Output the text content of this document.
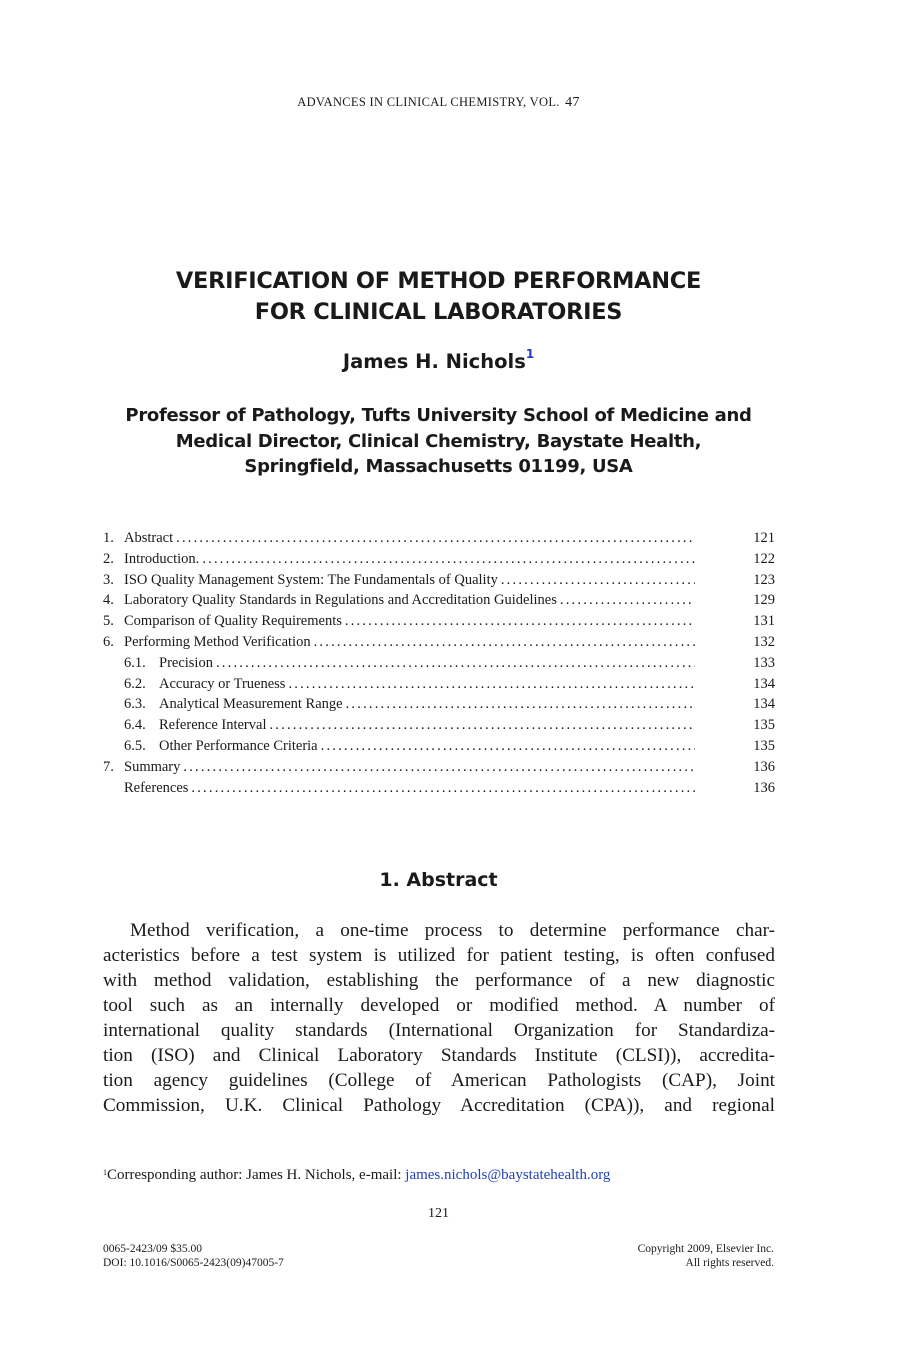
ADVANCES IN CLINICAL CHEMISTRY, VOL. 47
VERIFICATION OF METHOD PERFORMANCE
FOR CLINICAL LABORATORIES
James H. Nichols$^1$
Professor of Pathology, Tufts University School of Medicine and
Medical Director, Clinical Chemistry, Baystate Health,
Springfield, Massachusetts 01199, USA
1. Abstract .....	121
2. Introduction. .....	122
3. ISO Quality Management System: The Fundamentals of Quality .....	123
4. Laboratory Quality Standards in Regulations and Accreditation Guidelines .....	129
5. Comparison of Quality Requirements .....	131
6. Performing Method Verification .....	132
6.1. Precision .....	133
6.2. Accuracy or Trueness .....	134
6.3. Analytical Measurement Range .....	134
6.4. Reference Interval .....	135
6.5. Other Performance Criteria .....	135
7. Summary .....	136
References .....	136
1. Abstract
Method verification, a one-time process to determine performance char-
acteristics before a test system is utilized for patient testing, is often confused
with method validation, establishing the performance of a new diagnostic
tool such as an internally developed or modified method. A number of
international quality standards (International Organization for Standardiza-
tion (ISO) and Clinical Laboratory Standards Institute (CLSI)), accredita-
tion agency guidelines (College of American Pathologists (CAP), Joint
Commission, U.K. Clinical Pathology Accreditation (CPA)), and regional
$^1$Corresponding author: James H. Nichols, e-mail: james.nichols@baystatehealth.org
121
0065-2423/09 $35.00
DOI: 10.1016/S0065-2423(09)47005-7
Copyright 2009, Elsevier Inc.
All rights reserved.
